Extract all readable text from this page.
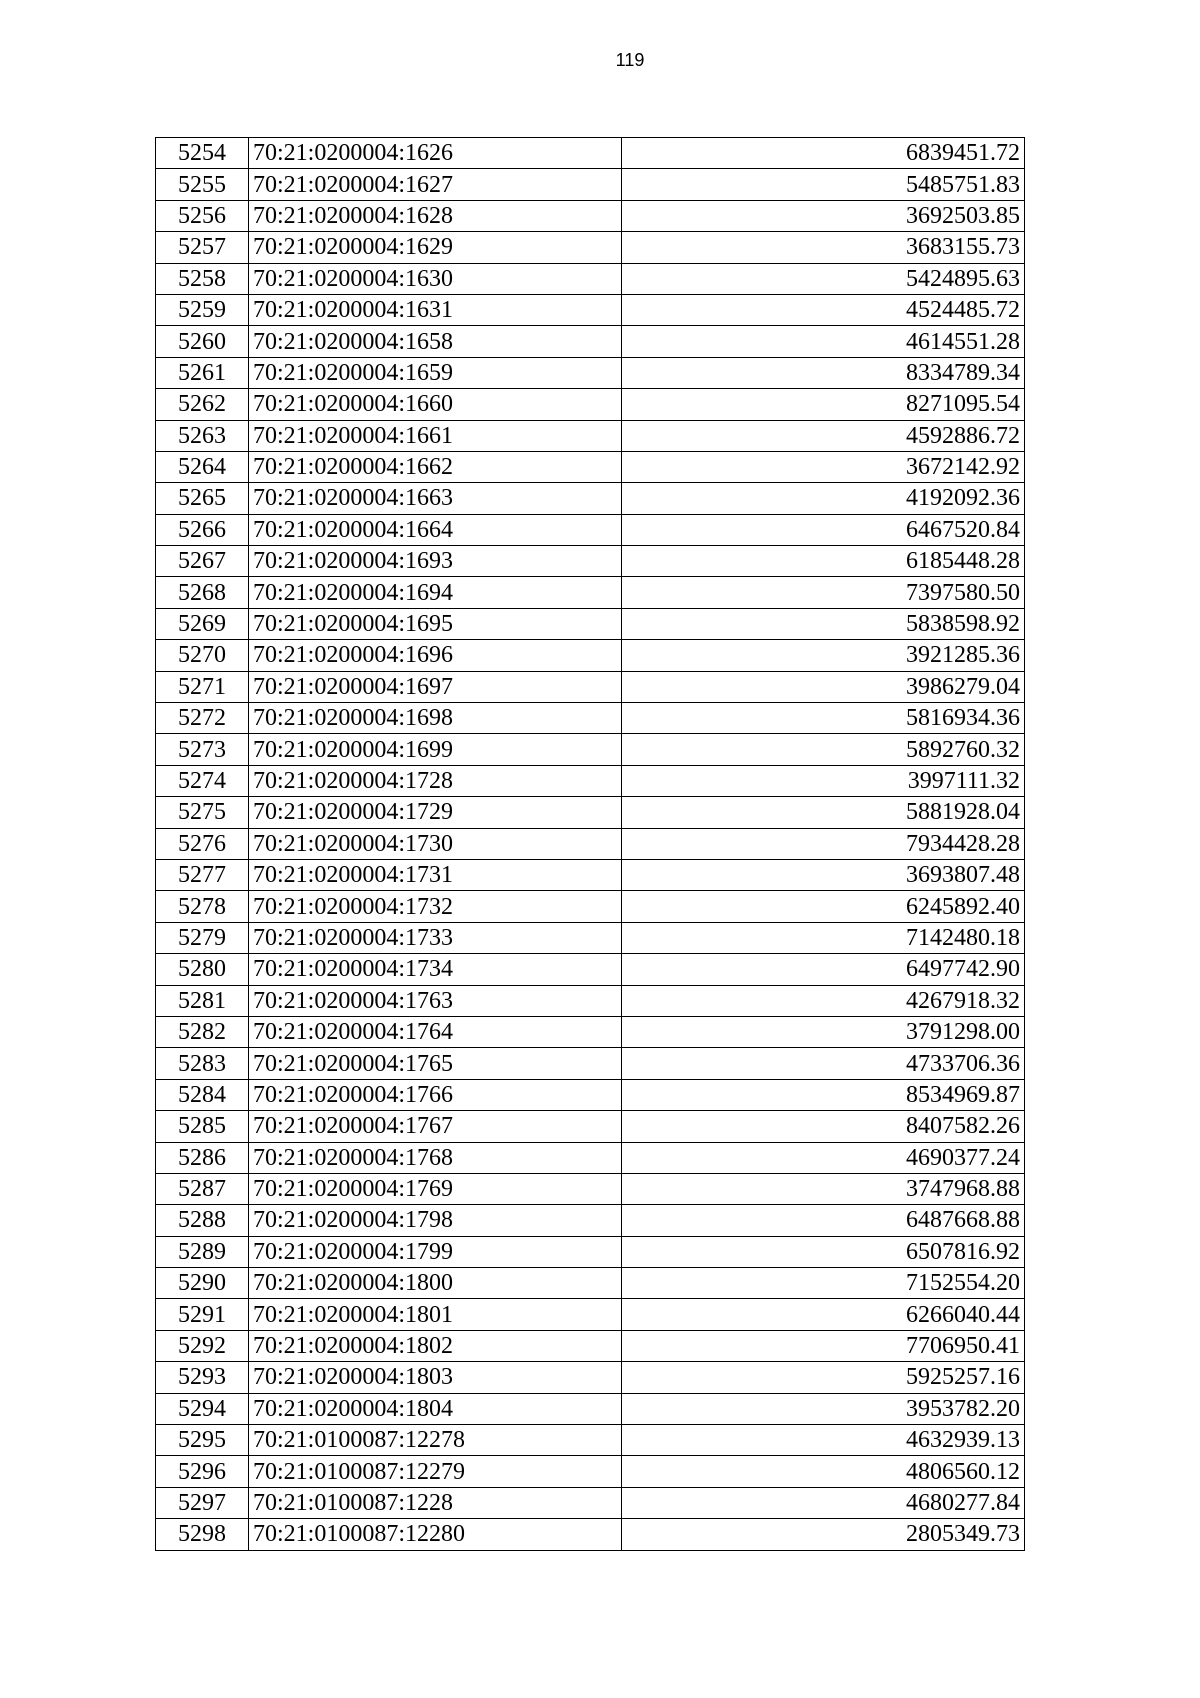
119
5254	70:21:0200004:1626	6839451.72
5255	70:21:0200004:1627	5485751.83
5256	70:21:0200004:1628	3692503.85
5257	70:21:0200004:1629	3683155.73
5258	70:21:0200004:1630	5424895.63
5259	70:21:0200004:1631	4524485.72
5260	70:21:0200004:1658	4614551.28
5261	70:21:0200004:1659	8334789.34
5262	70:21:0200004:1660	8271095.54
5263	70:21:0200004:1661	4592886.72
5264	70:21:0200004:1662	3672142.92
5265	70:21:0200004:1663	4192092.36
5266	70:21:0200004:1664	6467520.84
5267	70:21:0200004:1693	6185448.28
5268	70:21:0200004:1694	7397580.50
5269	70:21:0200004:1695	5838598.92
5270	70:21:0200004:1696	3921285.36
5271	70:21:0200004:1697	3986279.04
5272	70:21:0200004:1698	5816934.36
5273	70:21:0200004:1699	5892760.32
5274	70:21:0200004:1728	3997111.32
5275	70:21:0200004:1729	5881928.04
5276	70:21:0200004:1730	7934428.28
5277	70:21:0200004:1731	3693807.48
5278	70:21:0200004:1732	6245892.40
5279	70:21:0200004:1733	7142480.18
5280	70:21:0200004:1734	6497742.90
5281	70:21:0200004:1763	4267918.32
5282	70:21:0200004:1764	3791298.00
5283	70:21:0200004:1765	4733706.36
5284	70:21:0200004:1766	8534969.87
5285	70:21:0200004:1767	8407582.26
5286	70:21:0200004:1768	4690377.24
5287	70:21:0200004:1769	3747968.88
5288	70:21:0200004:1798	6487668.88
5289	70:21:0200004:1799	6507816.92
5290	70:21:0200004:1800	7152554.20
5291	70:21:0200004:1801	6266040.44
5292	70:21:0200004:1802	7706950.41
5293	70:21:0200004:1803	5925257.16
5294	70:21:0200004:1804	3953782.20
5295	70:21:0100087:12278	4632939.13
5296	70:21:0100087:12279	4806560.12
5297	70:21:0100087:1228	4680277.84
5298	70:21:0100087:12280	2805349.73
